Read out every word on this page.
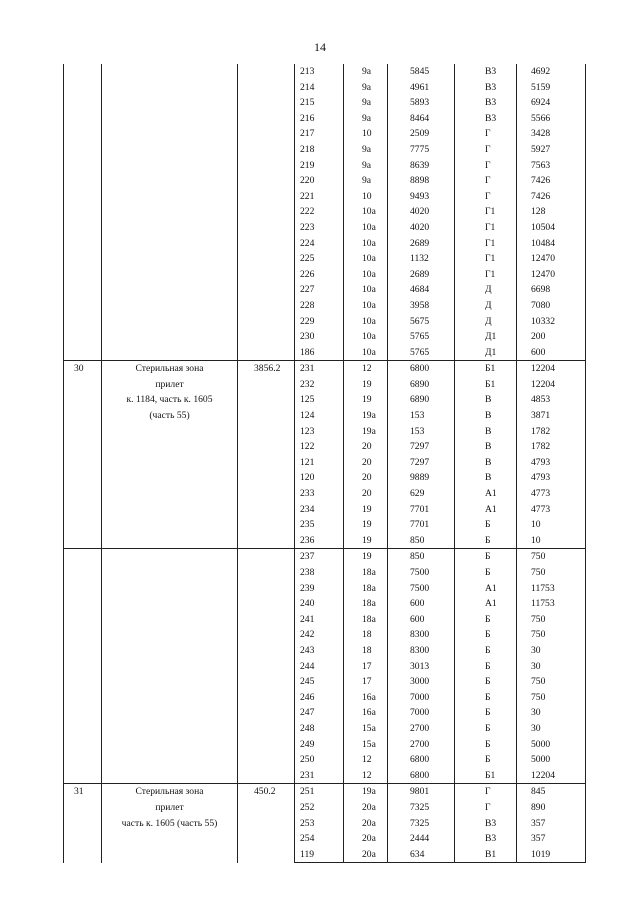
14
			213	9а	5845	В3	4692
			214	9а	4961	В3	5159
			215	9а	5893	В3	6924
			216	9а	8464	В3	5566
			217	10	2509	Г	3428
			218	9а	7775	Г	5927
			219	9а	8639	Г	7563
			220	9а	8898	Г	7426
			221	10	9493	Г	7426
			222	10а	4020	Г1	128
			223	10а	4020	Г1	10504
			224	10а	2689	Г1	10484
			225	10а	1132	Г1	12470
			226	10а	2689	Г1	12470
			227	10а	4684	Д	6698
			228	10а	3958	Д	7080
			229	10а	5675	Д	10332
			230	10а	5765	Д1	200
			186	10а	5765	Д1	600
30	Стерильная зона
прилет
к. 1184, часть к. 1605
(часть 55)	3856.2	231	12	6800	Б1	12204
			232	19	6890	Б1	12204
			125	19	6890	В	4853
			124	19а	153	В	3871
			123	19а	153	В	1782
			122	20	7297	В	1782
			121	20	7297	В	4793
			120	20	9889	В	4793
			233	20	629	А1	4773
			234	19	7701	А1	4773
			235	19	7701	Б	10
			236	19	850	Б	10
			237	19	850	Б	750
			238	18а	7500	Б	750
			239	18а	7500	А1	11753
			240	18а	600	А1	11753
			241	18а	600	Б	750
			242	18	8300	Б	750
			243	18	8300	Б	30
			244	17	3013	Б	30
			245	17	3000	Б	750
			246	16а	7000	Б	750
			247	16а	7000	Б	30
			248	15а	2700	Б	30
			249	15а	2700	Б	5000
			250	12	6800	Б	5000
			231	12	6800	Б1	12204
31	Стерильная зона
прилет
часть к. 1605 (часть 55)	450.2	251	19а	9801	Г	845
			252	20а	7325	Г	890
			253	20а	7325	В3	357
			254	20а	2444	В3	357
			119	20а	634	В1	1019
